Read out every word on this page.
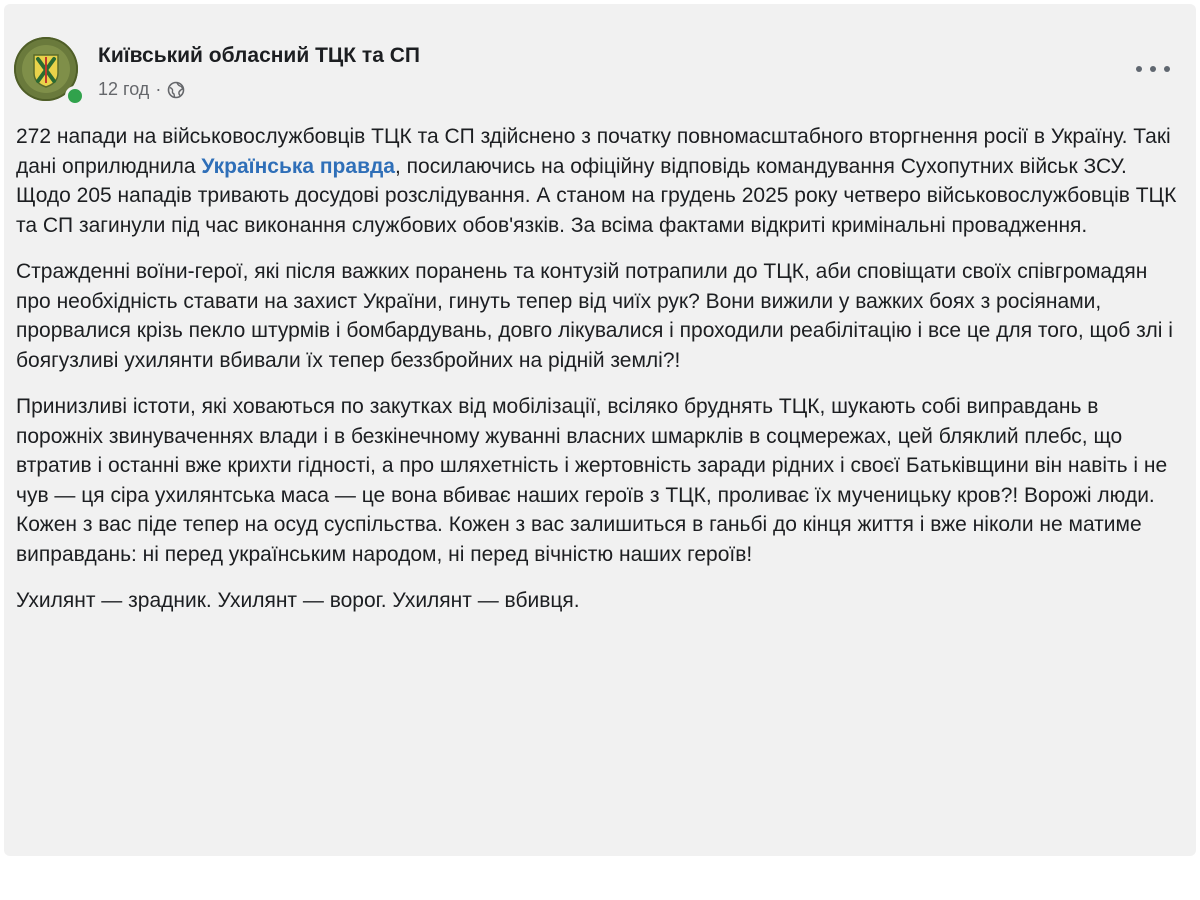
Київський обласний ТЦК та СП
12 год ·

272 напади на військовослужбовців ТЦК та СП здійснено з початку повномасштабного вторгнення росії в Україну. Такі дані оприлюднила Українська правда, посилаючись на офіційну відповідь командування Сухопутних військ ЗСУ. Щодо 205 нападів тривають досудові розслідування. А станом на грудень 2025 року четверо військовослужбовців ТЦК та СП загинули під час виконання службових обов'язків. За всіма фактами відкриті кримінальні провадження.

Стражденні воїни-герої, які після важких поранень та контузій потрапили до ТЦК, аби сповіщати своїх співгромадян про необхідність ставати на захист України, гинуть тепер від чиїх рук? Вони вижили у важких боях з росіянами, прорвалися крізь пекло штурмів і бомбардувань, довго лікувалися і проходили реабілітацію і все це для того, щоб злі і боягузливі ухилянти вбивали їх тепер беззбройних на рідній землі?!

Принизливі істоти, які ховаються по закутках від мобілізації, всіляко бруднять ТЦК, шукають собі виправдань в порожніх звинуваченнях влади і в безкінечному жуванні власних шмарклів в соцмережах, цей бляклий плебс, що втратив і останні вже крихти гідності, а про шляхетність і жертовність заради рідних і своєї Батьківщини він навіть і не чув — ця сіра ухилянтська маса — це вона вбиває наших героїв з ТЦК, проливає їх мученицьку кров?! Ворожі люди. Кожен з вас піде тепер на осуд суспільства. Кожен з вас залишиться в ганьбі до кінця життя і вже ніколи не матиме виправдань: ні перед українським народом, ні перед вічністю наших героїв!

Ухилянт — зрадник. Ухилянт — ворог. Ухилянт — вбивця.
